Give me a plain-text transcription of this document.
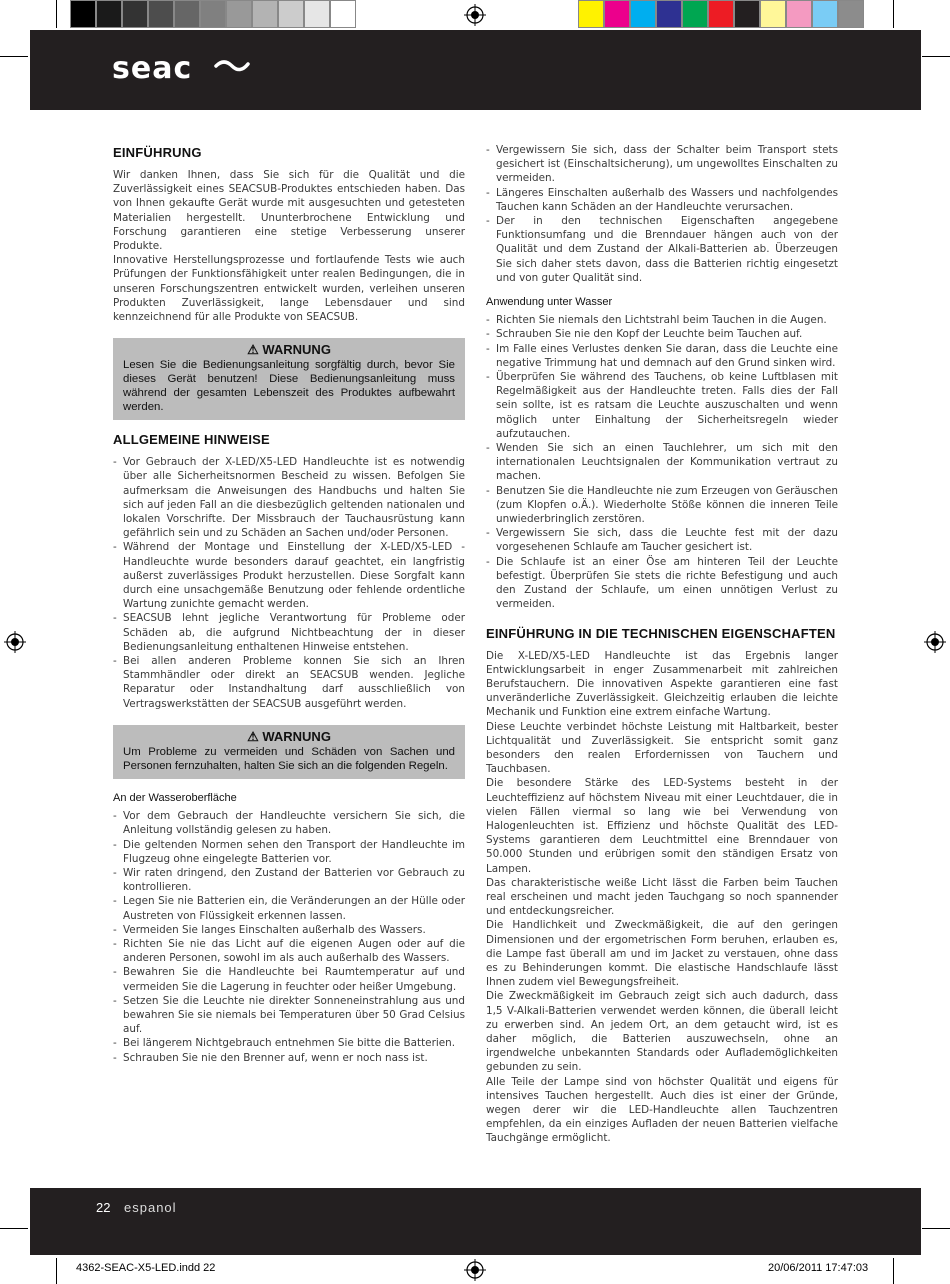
seac
EINFÜHRUNG

Wir danken Ihnen, dass Sie sich für die Qualität und die Zuverlässigkeit eines SEACSUB-Produktes entschieden haben. Das von Ihnen gekaufte Gerät wurde mit ausgesuchten und getesteten Materialien hergestellt. Ununterbrochene Entwicklung und Forschung garantieren eine stetige Verbesserung unserer Produkte.

Innovative Herstellungsprozesse und fortlaufende Tests wie auch Prüfungen der Funktionsfähigkeit unter realen Bedingungen, die in unseren Forschungszentren entwickelt wurden, verleihen unseren Produkten Zuverlässigkeit, lange Lebensdauer und sind kennzeichnend für alle Produkte von SEACSUB.

⚠ WARNUNG

Lesen Sie die Bedienungsanleitung sorgfältig durch, bevor Sie dieses Gerät benutzen! Diese Bedienungsanleitung muss während der gesamten Lebenszeit des Produktes aufbewahrt werden.

ALLGEMEINE HINWEISE
- Vor Gebrauch der X-LED/X5-LED Handleuchte ist es notwendig über alle Sicherheitsnormen Bescheid zu wissen. Befolgen Sie aufmerksam die Anweisungen des Handbuchs und halten Sie sich auf jeden Fall an die diesbezüglich geltenden nationalen und lokalen Vorschrifte. Der Missbrauch der Tauchausrüstung kann gefährlich sein und zu Schäden an Sachen und/oder Personen.
- Während der Montage und Einstellung der X-LED/X5-LED - Handleuchte wurde besonders darauf geachtet, ein langfristig außerst zuverlässiges Produkt herzustellen. Diese Sorgfalt kann durch eine unsachgemäße Benutzung oder fehlende ordentliche Wartung zunichte gemacht werden.
- SEACSUB lehnt jegliche Verantwortung für Probleme oder Schäden ab, die aufgrund Nichtbeachtung der in dieser Bedienungsanleitung enthaltenen Hinweise entstehen.
- Bei allen anderen Probleme konnen Sie sich an Ihren Stammhändler oder direkt an SEACSUB wenden. Jegliche Reparatur oder Instandhaltung darf ausschließlich von Vertragswerkstätten der SEACSUB ausgeführt werden.
⚠ WARNUNG

Um Probleme zu vermeiden und Schäden von Sachen und Personen fernzuhalten, halten Sie sich an die folgenden Regeln.

An der Wasseroberfläche
- Vor dem Gebrauch der Handleuchte versichern Sie sich, die Anleitung vollständig gelesen zu haben.
- Die geltenden Normen sehen den Transport der Handleuchte im Flugzeug ohne eingelegte Batterien vor.
- Wir raten dringend, den Zustand der Batterien vor Gebrauch zu kontrollieren.
- Legen Sie nie Batterien ein, die Veränderungen an der Hülle oder Austreten von Flüssigkeit erkennen lassen.
- Vermeiden Sie langes Einschalten außerhalb des Wassers.
- Richten Sie nie das Licht auf die eigenen Augen oder auf die anderen Personen, sowohl im als auch außerhalb des Wassers.
- Bewahren Sie die Handleuchte bei Raumtemperatur auf und vermeiden Sie die Lagerung in feuchter oder heißer Umgebung.
- Setzen Sie die Leuchte nie direkter Sonneneinstrahlung aus und bewahren Sie sie niemals bei Temperaturen über 50 Grad Celsius auf.
- Bei längerem Nichtgebrauch entnehmen Sie bitte die Batterien.
- Schrauben Sie nie den Brenner auf, wenn er noch nass ist.
- Vergewissern Sie sich, dass der Schalter beim Transport stets gesichert ist (Einschaltsicherung), um ungewolltes Einschalten zu vermeiden.
- Längeres Einschalten außerhalb des Wassers und nachfolgendes Tauchen kann Schäden an der Handleuchte verursachen.
- Der in den technischen Eigenschaften angegebene Funktionsumfang und die Brenndauer hängen auch von der Qualität und dem Zustand der Alkali-Batterien ab. Überzeugen Sie sich daher stets davon, dass die Batterien richtig eingesetzt und von guter Qualität sind.
Anwendung unter Wasser
- Richten Sie niemals den Lichtstrahl beim Tauchen in die Augen.
- Schrauben Sie nie den Kopf der Leuchte beim Tauchen auf.
- Im Falle eines Verlustes denken Sie daran, dass die Leuchte eine negative Trimmung hat und demnach auf den Grund sinken wird.
- Überprüfen Sie während des Tauchens, ob keine Luftblasen mit Regelmäßigkeit aus der Handleuchte treten. Falls dies der Fall sein sollte, ist es ratsam die Leuchte auszuschalten und wenn möglich unter Einhaltung der Sicherheitsregeln wieder aufzutauchen.
- Wenden Sie sich an einen Tauchlehrer, um sich mit den internationalen Leuchtsignalen der Kommunikation vertraut zu machen.
- Benutzen Sie die Handleuchte nie zum Erzeugen von Geräuschen (zum Klopfen o.Ä.). Wiederholte Stöße können die inneren Teile unwiederbringlich zerstören.
- Vergewissern Sie sich, dass die Leuchte fest mit der dazu vorgesehenen Schlaufe am Taucher gesichert ist.
- Die Schlaufe ist an einer Öse am hinteren Teil der Leuchte befestigt. Überprüfen Sie stets die richte Befestigung und auch den Zustand der Schlaufe, um einen unnötigen Verlust zu vermeiden.
EINFÜHRUNG IN DIE TECHNISCHEN EIGENSCHAFTEN

Die X-LED/X5-LED Handleuchte ist das Ergebnis langer Entwicklungsarbeit in enger Zusammenarbeit mit zahlreichen Berufstauchern. Die innovativen Aspekte garantieren eine fast unveränderliche Zuverlässigkeit. Gleichzeitig erlauben die leichte Mechanik und Funktion eine extrem einfache Wartung.

Diese Leuchte verbindet höchste Leistung mit Haltbarkeit, bester Lichtqualität und Zuverlässigkeit. Sie entspricht somit ganz besonders den realen Erfordernissen von Tauchern und Tauchbasen.

Die besondere Stärke des LED-Systems besteht in der Leuchteffizienz auf höchstem Niveau mit einer Leuchtdauer, die in vielen Fällen viermal so lang wie bei Verwendung von Halogenleuchten ist. Effizienz und höchste Qualität des LED-Systems garantieren dem Leuchtmittel eine Brenndauer von 50.000 Stunden und erübrigen somit den ständigen Ersatz von Lampen.

Das charakteristische weiße Licht lässt die Farben beim Tauchen real erscheinen und macht jeden Tauchgang so noch spannender und entdeckungsreicher.

Die Handlichkeit und Zweckmäßigkeit, die auf den geringen Dimensionen und der ergometrischen Form beruhen, erlauben es, die Lampe fast überall am und im Jacket zu verstauen, ohne dass es zu Behinderungen kommt. Die elastische Handschlaufe lässt Ihnen zudem viel Bewegungsfreiheit.

Die Zweckmäßigkeit im Gebrauch zeigt sich auch dadurch, dass 1,5 V-Alkali-Batterien verwendet werden können, die überall leicht zu erwerben sind. An jedem Ort, an dem getaucht wird, ist es daher möglich, die Batterien auszuwechseln, ohne an irgendwelche unbekannten Standards oder Auflademöglichkeiten gebunden zu sein.

Alle Teile der Lampe sind von höchster Qualität und eigens für intensives Tauchen hergestellt. Auch dies ist einer der Gründe, wegen derer wir die LED-Handleuchte allen Tauchzentren empfehlen, da ein einziges Aufladen der neuen Batterien vielfache Tauchgänge ermöglicht.

22 espanol
4362-SEAC-X5-LED.indd 22	20/06/2011 17:47:03
